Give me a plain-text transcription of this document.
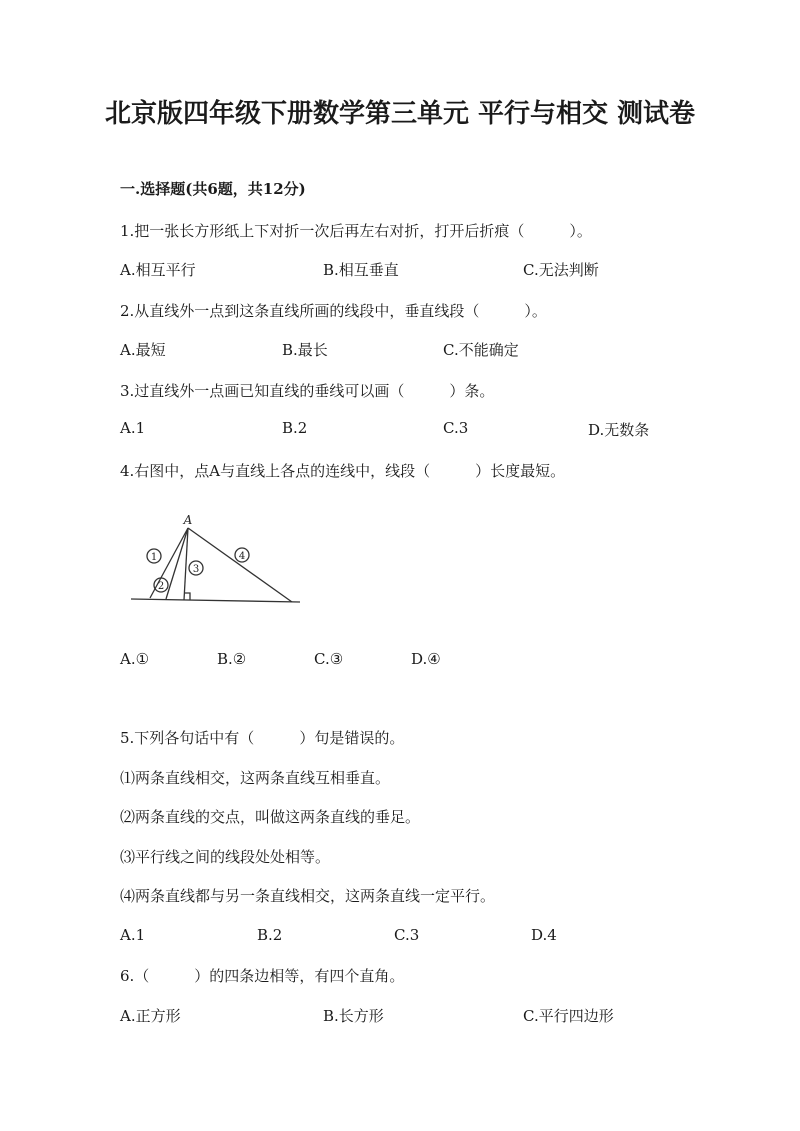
北京版四年级下册数学第三单元 平行与相交 测试卷
一.选择题(共6题，共12分)
1.把一张长方形纸上下对折一次后再左右对折，打开后折痕（　　　）。
A.相互平行	B.相互垂直	C.无法判断
2.从直线外一点到这条直线所画的线段中，垂直线段（　　　）。
A.最短	B.最长	C.不能确定
3.过直线外一点画已知直线的垂线可以画（　　　）条。
A.1	B.2	C.3	D.无数条
4.右图中，点A与直线上各点的连线中，线段（　　　）长度最短。
A
1
2
3
4
A.①	B.②	C.③	D.④
5.下列各句话中有（　　　）句是错误的。
⑴两条直线相交，这两条直线互相垂直。
⑵两条直线的交点，叫做这两条直线的垂足。
⑶平行线之间的线段处处相等。
⑷两条直线都与另一条直线相交，这两条直线一定平行。
A.1	B.2	C.3	D.4
6.（　　　）的四条边相等，有四个直角。
A.正方形	B.长方形	C.平行四边形
